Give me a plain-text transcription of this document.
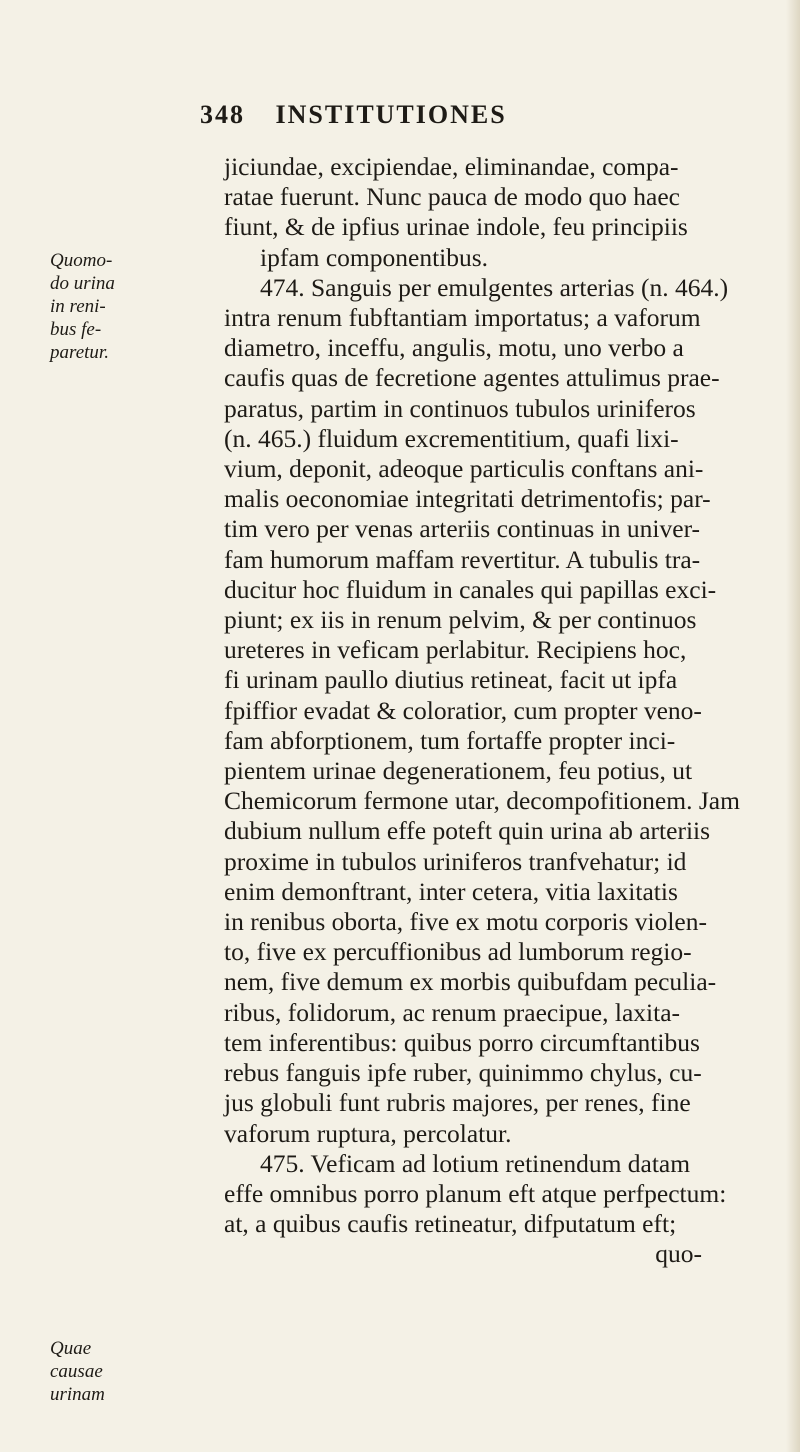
348 INSTITUTIONES
Quomo-
do urina
in reni-
bus fe-
paretur.
Quae
causae
urinam
jiciundae, excipiendae, eliminandae, compa-
ratae fuerunt. Nunc pauca de modo quo haec
fiunt, & de ipfius urinae indole, feu principiis
ipfam componentibus.
474. Sanguis per emulgentes arterias (n. 464.)
intra renum fubftantiam importatus; a vaforum
diametro, inceffu, angulis, motu, uno verbo a
caufis quas de fecretione agentes attulimus prae-
paratus, partim in continuos tubulos uriniferos
(n. 465.) fluidum excrementitium, quafi lixi-
vium, deponit, adeoque particulis conftans ani-
malis oeconomiae integritati detrimentofis; par-
tim vero per venas arteriis continuas in univer-
fam humorum maffam revertitur. A tubulis tra-
ducitur hoc fluidum in canales qui papillas exci-
piunt; ex iis in renum pelvim, & per continuos
ureteres in veficam perlabitur. Recipiens hoc,
fi urinam paullo diutius retineat, facit ut ipfa
fpiffior evadat & coloratior, cum propter veno-
fam abforptionem, tum fortaffe propter inci-
pientem urinae degenerationem, feu potius, ut
Chemicorum fermone utar, decompofitionem. Jam
dubium nullum effe poteft quin urina ab arteriis
proxime in tubulos uriniferos tranfvehatur; id
enim demonftrant, inter cetera, vitia laxitatis
in renibus oborta, five ex motu corporis violen-
to, five ex percuffionibus ad lumborum regio-
nem, five demum ex morbis quibufdam peculia-
ribus, folidorum, ac renum praecipue, laxita-
tem inferentibus: quibus porro circumftantibus
rebus fanguis ipfe ruber, quinimmo chylus, cu-
jus globuli funt rubris majores, per renes, fine
vaforum ruptura, percolatur.
475. Veficam ad lotium retinendum datam
effe omnibus porro planum eft atque perfpectum:
at, a quibus caufis retineatur, difputatum eft;
quo-
